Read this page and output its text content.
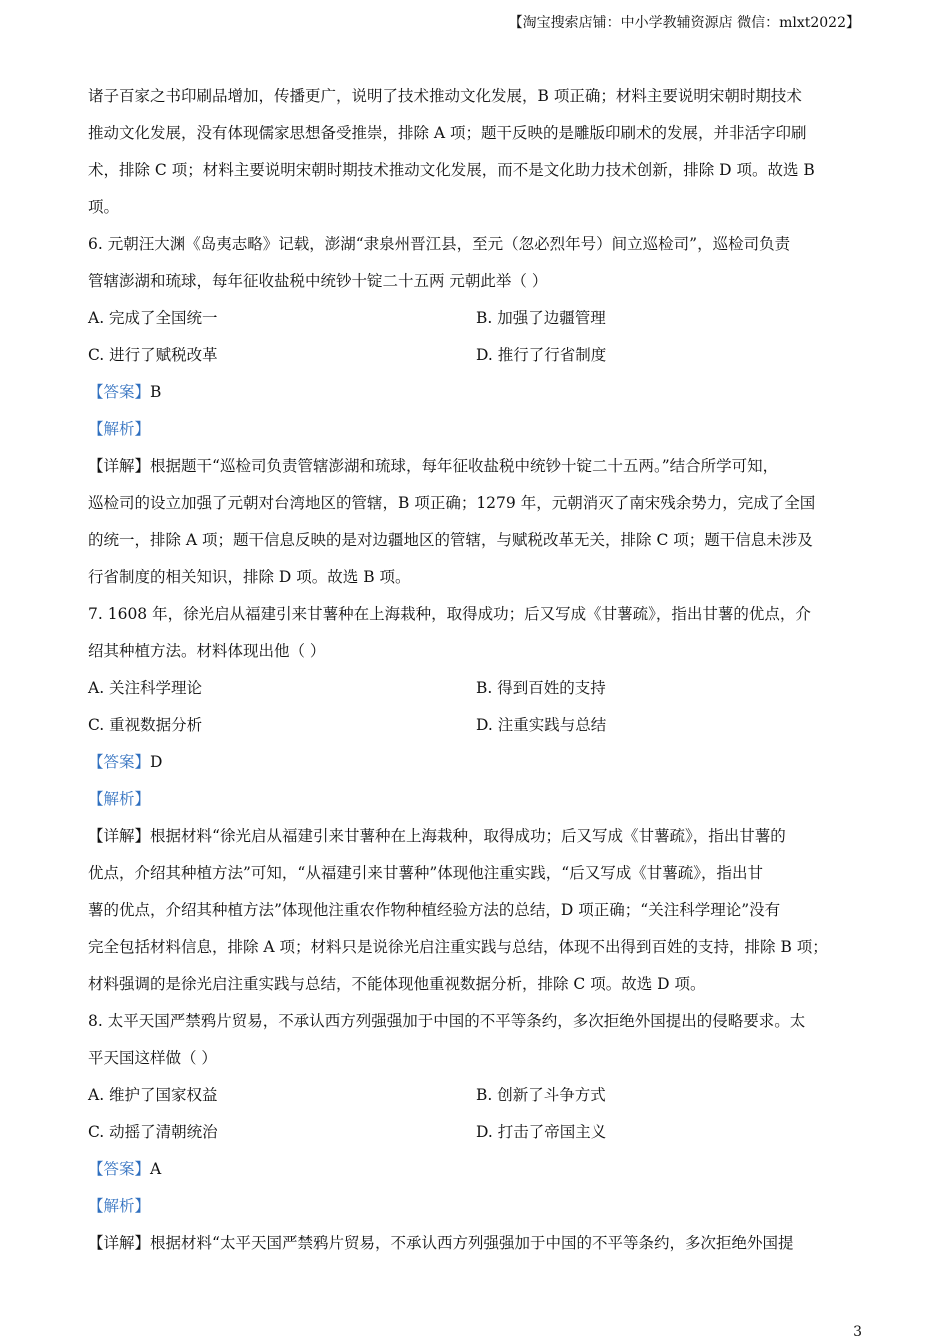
【淘宝搜索店铺：中小学教辅资源店 微信：mlxt2022】
诸子百家之书印刷品增加，传播更广，说明了技术推动文化发展，B 项正确；材料主要说明宋朝时期技术
推动文化发展，没有体现儒家思想备受推崇，排除 A 项；题干反映的是雕版印刷术的发展，并非活字印刷
术，排除 C 项；材料主要说明宋朝时期技术推动文化发展，而不是文化助力技术创新，排除 D 项。故选 B
项。
6. 元朝汪大渊《岛夷志略》记载，澎湖“隶泉州晋江县，至元（忽必烈年号）间立巡检司”，巡检司负责
管辖澎湖和琉球，每年征收盐税中统钞十锭二十五两 元朝此举（ ）
A. 完成了全国统一	B. 加强了边疆管理
C. 进行了赋税改革	D. 推行了行省制度
【答案】B
【解析】
【详解】根据题干“巡检司负责管辖澎湖和琉球，每年征收盐税中统钞十锭二十五两。”结合所学可知，
巡检司的设立加强了元朝对台湾地区的管辖，B 项正确；1279 年，元朝消灭了南宋残余势力，完成了全国
的统一，排除 A 项；题干信息反映的是对边疆地区的管辖，与赋税改革无关，排除 C 项；题干信息未涉及
行省制度的相关知识，排除 D 项。故选 B 项。
7. 1608 年，徐光启从福建引来甘薯种在上海栽种，取得成功；后又写成《甘薯疏》，指出甘薯的优点，介
绍其种植方法。材料体现出他（ ）
A. 关注科学理论	B. 得到百姓的支持
C. 重视数据分析	D. 注重实践与总结
【答案】D
【解析】
【详解】根据材料“徐光启从福建引来甘薯种在上海栽种，取得成功；后又写成《甘薯疏》，指出甘薯的
优点，介绍其种植方法”可知，“从福建引来甘薯种”体现他注重实践，“后又写成《甘薯疏》，指出甘
薯的优点，介绍其种植方法”体现他注重农作物种植经验方法的总结，D 项正确；“关注科学理论”没有
完全包括材料信息，排除 A 项；材料只是说徐光启注重实践与总结，体现不出得到百姓的支持，排除 B 项；
材料强调的是徐光启注重实践与总结，不能体现他重视数据分析，排除 C 项。故选 D 项。
8. 太平天国严禁鸦片贸易，不承认西方列强强加于中国的不平等条约，多次拒绝外国提出的侵略要求。太
平天国这样做（ ）
A. 维护了国家权益	B. 创新了斗争方式
C. 动摇了清朝统治	D. 打击了帝国主义
【答案】A
【解析】
【详解】根据材料“太平天国严禁鸦片贸易，不承认西方列强强加于中国的不平等条约，多次拒绝外国提
3
